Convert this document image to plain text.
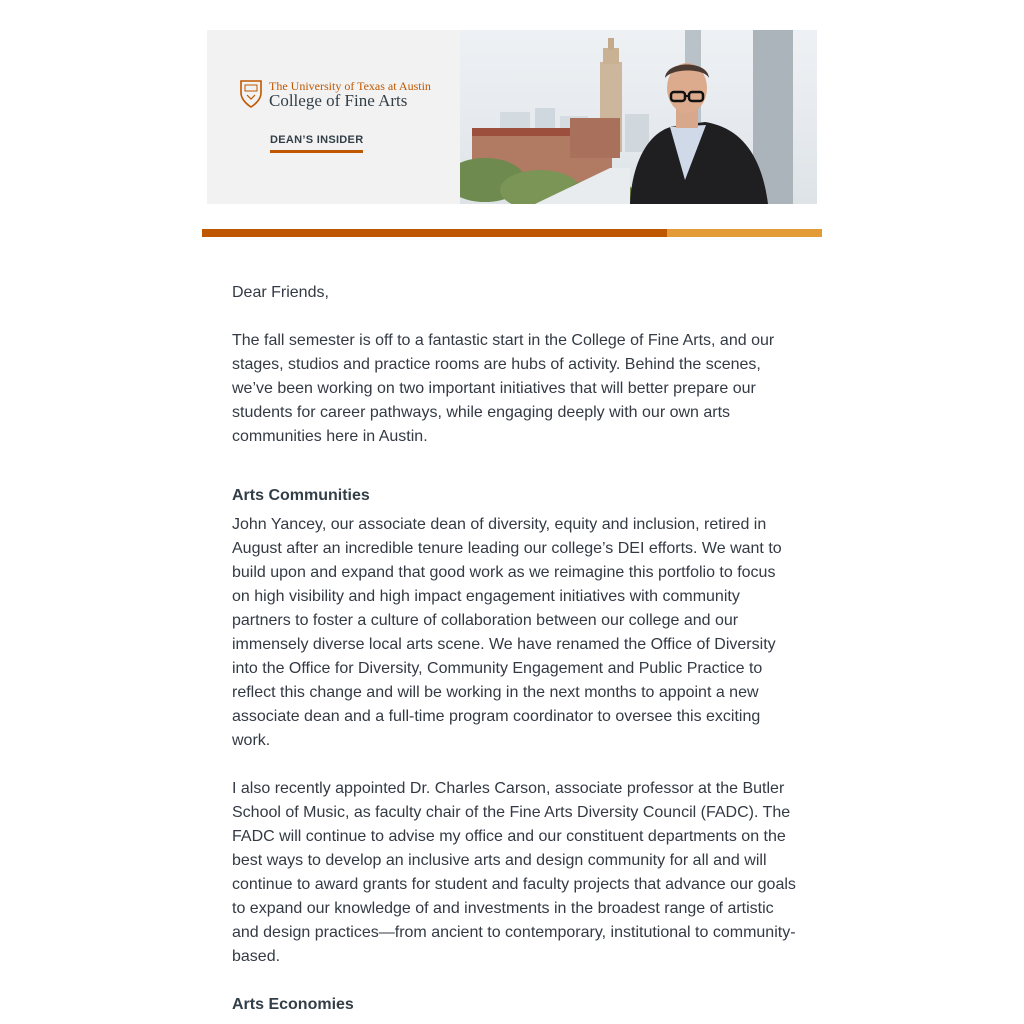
The University of Texas at Austin
College of Fine Arts
DEAN’S INSIDER

Dear Friends,

The fall semester is off to a fantastic start in the College of Fine Arts, and our stages, studios and practice rooms are hubs of activity. Behind the scenes, we’ve been working on two important initiatives that will better prepare our students for career pathways, while engaging deeply with our own arts communities here in Austin.

Arts Communities

John Yancey, our associate dean of diversity, equity and inclusion, retired in August after an incredible tenure leading our college’s DEI efforts. We want to build upon and expand that good work as we reimagine this portfolio to focus on high visibility and high impact engagement initiatives with community partners to foster a culture of collaboration between our college and our immensely diverse local arts scene. We have renamed the Office of Diversity into the Office for Diversity, Community Engagement and Public Practice to reflect this change and will be working in the next months to appoint a new associate dean and a full-time program coordinator to oversee this exciting work.

I also recently appointed Dr. Charles Carson, associate professor at the Butler School of Music, as faculty chair of the Fine Arts Diversity Council (FADC). The FADC will continue to advise my office and our constituent departments on the best ways to develop an inclusive arts and design community for all and will continue to award grants for student and faculty projects that advance our goals to expand our knowledge of and investments in the broadest range of artistic and design practices—from ancient to contemporary, institutional to community-based.

Arts Economies
